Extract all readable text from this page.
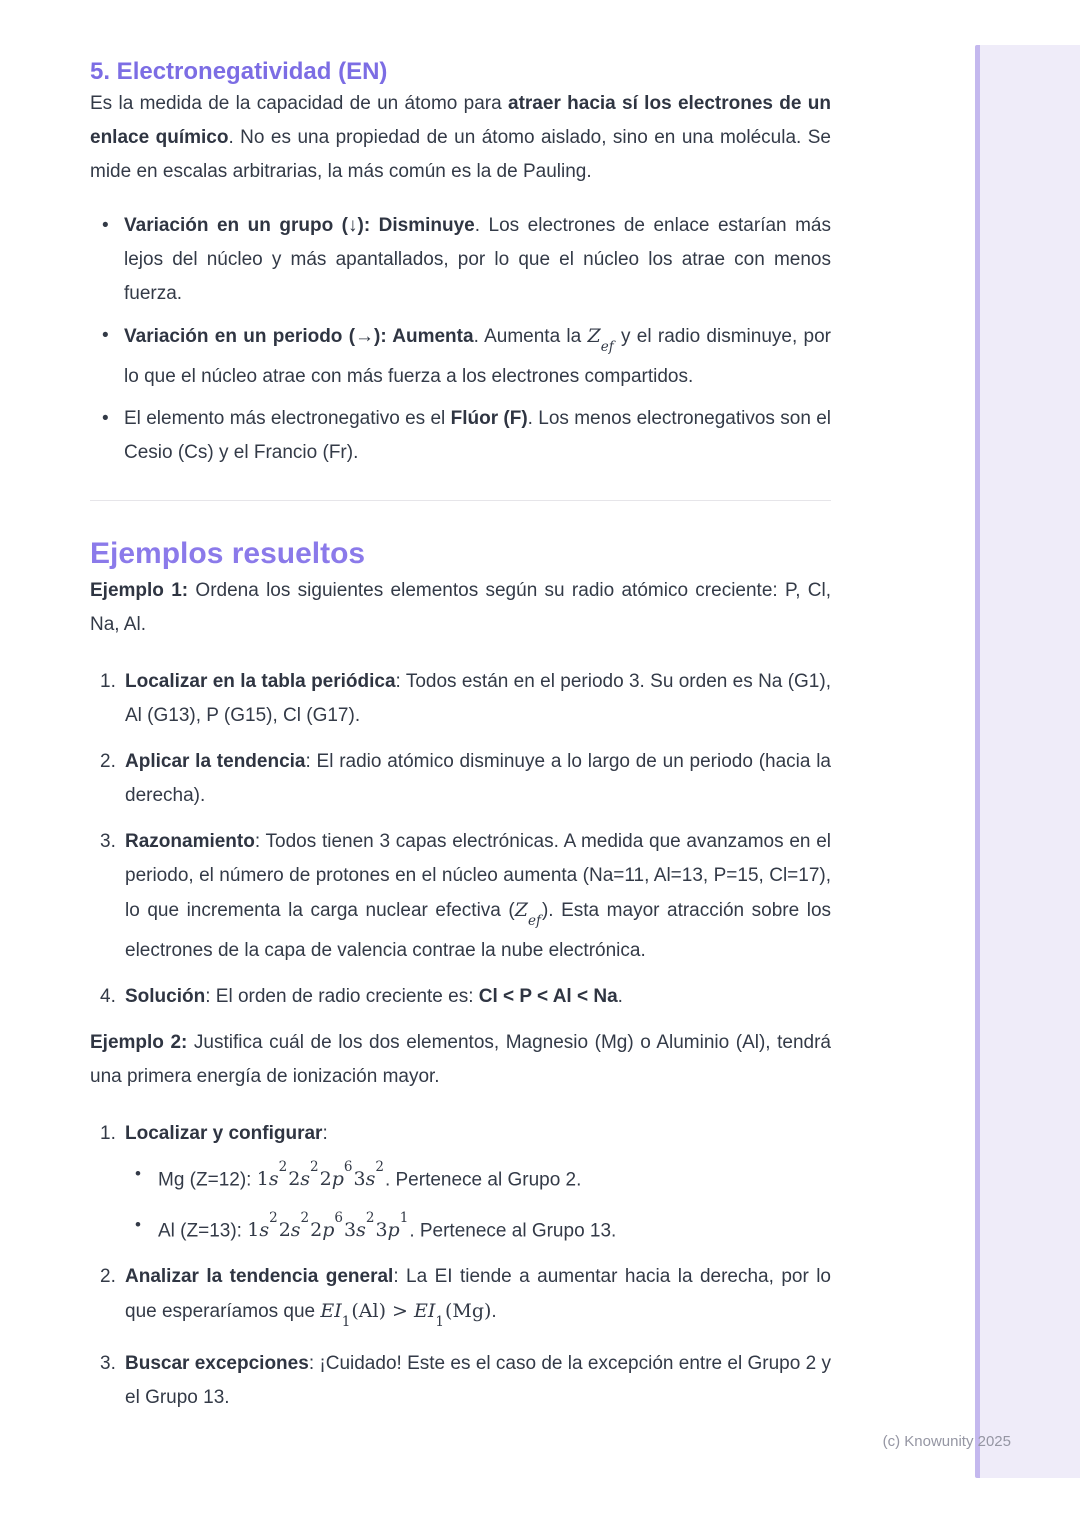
5. Electronegatividad (EN)

Es la medida de la capacidad de un átomo para atraer hacia sí los electrones de un enlace químico. No es una propiedad de un átomo aislado, sino en una molécula. Se mide en escalas arbitrarias, la más común es la de Pauling.

• Variación en un grupo (↓): Disminuye. Los electrones de enlace estarían más lejos del núcleo y más apantallados, por lo que el núcleo los atrae con menos fuerza.
• Variación en un periodo (→): Aumenta. Aumenta la $Z_{ef}$ y el radio disminuye, por lo que el núcleo atrae con más fuerza a los electrones compartidos.
• El elemento más electronegativo es el Flúor (F). Los menos electronegativos son el Cesio (Cs) y el Francio (Fr).
Ejemplos resueltos

Ejemplo 1: Ordena los siguientes elementos según su radio atómico creciente: P, Cl, Na, Al.

1. Localizar en la tabla periódica: Todos están en el periodo 3. Su orden es Na (G1), Al (G13), P (G15), Cl (G17).
2. Aplicar la tendencia: El radio atómico disminuye a lo largo de un periodo (hacia la derecha).
3. Razonamiento: Todos tienen 3 capas electrónicas. A medida que avanzamos en el periodo, el número de protones en el núcleo aumenta (Na=11, Al=13, P=15, Cl=17), lo que incrementa la carga nuclear efectiva $(Z_{ef})$. Esta mayor atracción sobre los electrones de la capa de valencia contrae la nube electrónica.
4. Solución: El orden de radio creciente es: Cl < P < Al < Na.

Ejemplo 2: Justifica cuál de los dos elementos, Magnesio (Mg) o Aluminio (Al), tendrá una primera energía de ionización mayor.

1. Localizar y configurar:
• Mg (Z=12): $1s^22s^22p^63s^2$. Pertenece al Grupo 2.
• Al (Z=13): $1s^22s^22p^63s^23p^1$. Pertenece al Grupo 13.
2. Analizar la tendencia general: La EI tiende a aumentar hacia la derecha, por lo que esperaríamos que $EI_1(Al) > EI_1(Mg)$.
3. Buscar excepciones: ¡Cuidado! Este es el caso de la excepción entre el Grupo 2 y el Grupo 13.
(c) Knowunity 2025
